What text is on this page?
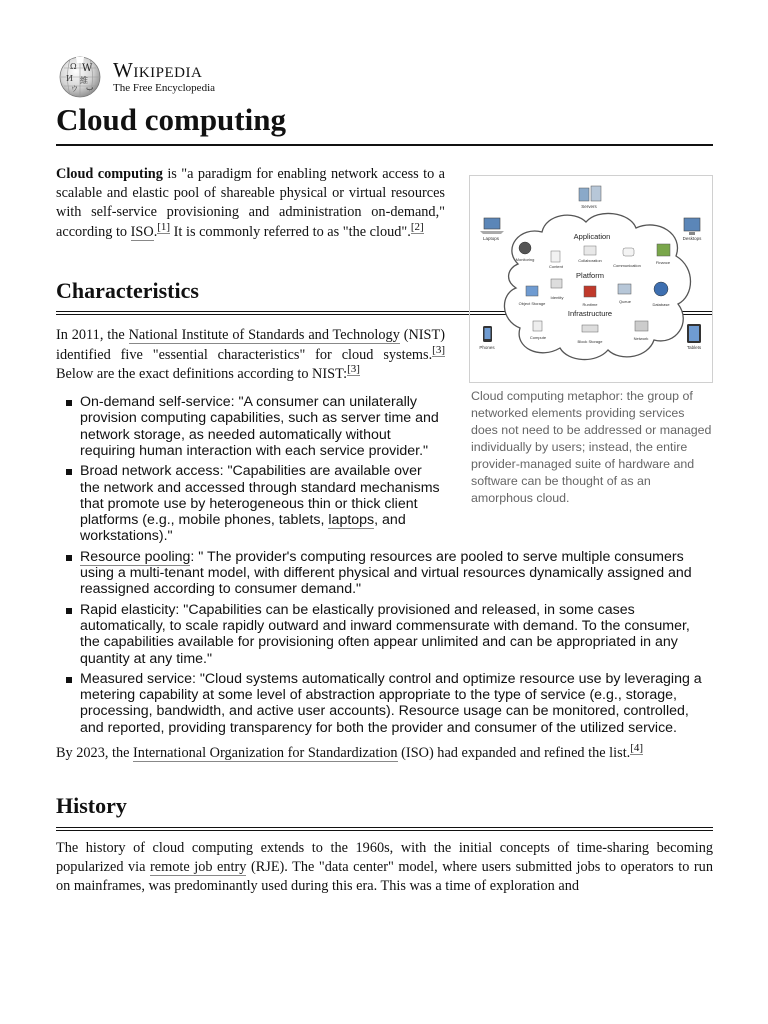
Ω W
И 維
ウ ب
Wikipedia
The Free Encyclopedia
Cloud computing
Servers
Laptops	Desktops
Phones	Tablets
Application
Platform
Infrastructure
Monitoring
Content
Collaboration
Communication
Finance
Identity
Object Storage	Runtime
Queue
Database
Compute
Block Storage
Network
Cloud computing metaphor: the group of networked elements providing services does not need to be addressed or managed individually by users; instead, the entire provider-managed suite of hardware and software can be thought of as an amorphous cloud.

Cloud computing is "a paradigm for enabling network access to a scalable and elastic pool of shareable physical or virtual resources with self-service provisioning and administration on-demand," according to ISO.[1] It is commonly referred to as "the cloud".[2]

Characteristics

In 2011, the National Institute of Standards and Technology (NIST) identified five "essential characteristics" for cloud systems.[3] Below are the exact definitions according to NIST:[3]

On-demand self-service: "A consumer can unilaterally provision computing capabilities, such as server time and network storage, as needed automatically without requiring human interaction with each service provider."
Broad network access: "Capabilities are available over the network and accessed through standard mechanisms that promote use by heterogeneous thin or thick client platforms (e.g., mobile phones, tablets, laptops, and workstations)."
Resource pooling: " The provider's computing resources are pooled to serve multiple consumers using a multi-tenant model, with different physical and virtual resources dynamically assigned and reassigned according to consumer demand."
Rapid elasticity: "Capabilities can be elastically provisioned and released, in some cases automatically, to scale rapidly outward and inward commensurate with demand. To the consumer, the capabilities available for provisioning often appear unlimited and can be appropriated in any quantity at any time."
Measured service: "Cloud systems automatically control and optimize resource use by leveraging a metering capability at some level of abstraction appropriate to the type of service (e.g., storage, processing, bandwidth, and active user accounts). Resource usage can be monitored, controlled, and reported, providing transparency for both the provider and consumer of the utilized service.

By 2023, the International Organization for Standardization (ISO) had expanded and refined the list.[4]

History

The history of cloud computing extends to the 1960s, with the initial concepts of time-sharing becoming popularized via remote job entry (RJE). The "data center" model, where users submitted jobs to operators to run on mainframes, was predominantly used during this era. This was a time of exploration and
